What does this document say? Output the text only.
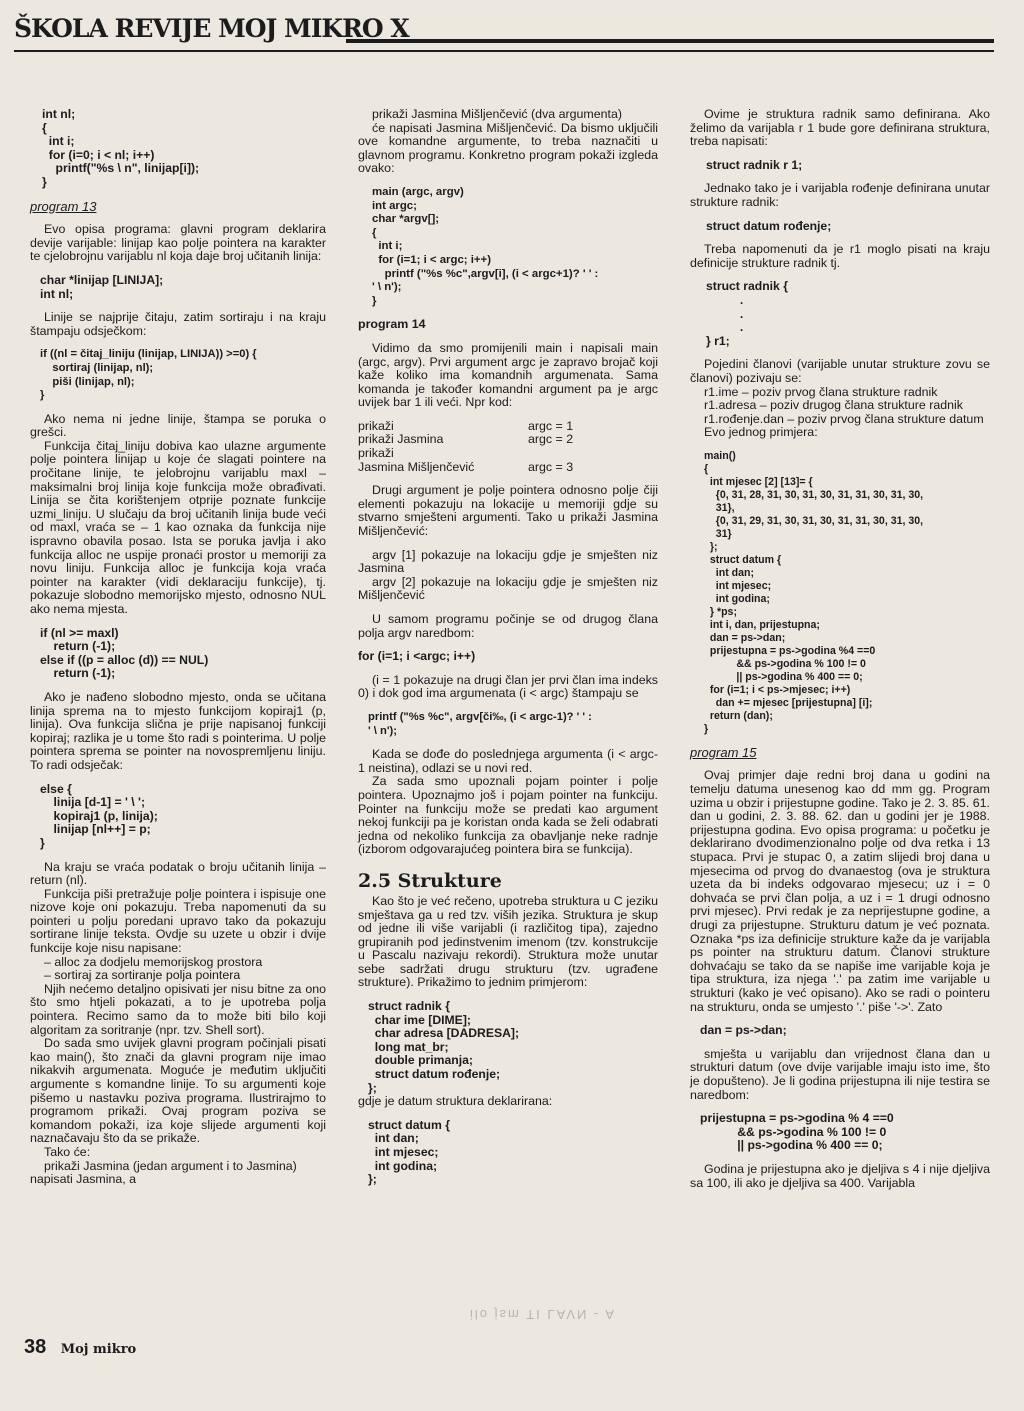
ŠKOLA REVIJE MOJ MIKRO X
int nl;
{
int i;
for (i=0; i < nl; i++)
printf("%s \ n", linijap[i]);
}

program 13

Evo opisa programa: glavni program deklarira devije varijable: linijap kao polje pointera na karakter te cjelobrojnu varijablu nl koja daje broj učitanih linija:

char *linijap [LINIJA];
int nl;

Linije se najprije čitaju, zatim sortiraju i na kraju štampaju odsječkom:

if ((nl = čitaj_liniju (linijap, LINIJA)) >=0) {
sortiraj (linijap, nl);
piši (linijap, nl);
}

Ako nema ni jedne linije, štampa se poruka o grešci.

Funkcija čitaj_liniju dobiva kao ulazne argumente polje pointera linijap u koje će slagati pointere na pročitane linije, te jelobrojnu varijablu maxl – maksimalni broj linija koje funkcija može obrađivati. Linija se čita korištenjem otprije poznate funkcije uzmi_liniju. U slučaju da broj učitanih linija bude veći od maxl, vraća se – 1 kao oznaka da funkcija nije ispravno obavila posao. Ista se poruka javlja i ako funkcija alloc ne uspije pronaći prostor u memoriji za novu liniju. Funkcija alloc je funkcija koja vraća pointer na karakter (vidi deklaraciju funkcije), tj. pokazuje slobodno memorijsko mjesto, odnosno NUL ako nema mjesta.

if (nl >= maxl)
return (-1);
else if ((p = alloc (d)) == NUL)
return (-1);

Ako je nađeno slobodno mjesto, onda se učitana linija sprema na to mjesto funkcijom kopiraj1 (p, linija). Ova funkcija slična je prije napisanoj funkciji kopiraj; razlika je u tome što radi s pointerima. U polje pointera sprema se pointer na novospremljenu liniju. To radi odsječak:

else {
linija [d-1] = ' \ ';
kopiraj1 (p, linija);
linijap [nl++] = p;
}

Na kraju se vraća podatak o broju učitanih linija – return (nl).

Funkcija piši pretražuje polje pointera i ispisuje one nizove koje oni pokazuju. Treba napomenuti da su pointeri u polju poredani upravo tako da pokazuju sortirane linije teksta. Ovdje su uzete u obzir i dvije funkcije koje nisu napisane:

– alloc za dodjelu memorijskog prostora

– sortiraj za sortiranje polja pointera

Njih nećemo detaljno opisivati jer nisu bitne za ono što smo htjeli pokazati, a to je upotreba polja pointera. Recimo samo da to može biti bilo koji algoritam za soritranje (npr. tzv. Shell sort).

Do sada smo uvijek glavni program počinjali pisati kao main(), što znači da glavni program nije imao nikakvih argumenata. Moguće je međutim uključiti argumente s komandne linije. To su argumenti koje pišemo u nastavku poziva programa. Ilustrirajmo to programom prikaži. Ovaj program poziva se komandom pokaži, iza koje slijede argumenti koji naznačavaju što da se prikaže.

Tako će:

prikaži Jasmina (jedan argument i to Jasmina)

napisati Jasmina, a

prikaži Jasmina Mišljenčević (dva argumenta)

će napisati Jasmina Mišljenčević. Da bismo uključili ove komandne argumente, to treba naznačiti u glavnom programu. Konkretno program pokaži izgleda ovako:

main (argc, argv)
int argc;
char *argv[];
{
int i;
for (i=1; i < argc; i++)
printf ("%s %c",argv[i], (i < argc+1)? ' ' :
' \ n');
}

program 14

Vidimo da smo promijenili main i napisali main (argc, argv). Prvi argument argc je zapravo brojač koji kaže koliko ima komandnih argumenata. Sama komanda je također komandni argument pa je argc uvijek bar 1 ili veći. Npr kod:

prikaži	argc = 1
prikaži Jasmina	argc = 2
prikaži
Jasmina Mišljenčević	argc = 3

Drugi argument je polje pointera odnosno polje čiji elementi pokazuju na lokacije u memoriji gdje su stvarno smješteni argumenti. Tako u prikaži Jasmina Mišljenčević:

argv [1] pokazuje na lokaciju gdje je smješten niz Jasmina

argv [2] pokazuje na lokaciju gdje je smješten niz Mišljenčević

U samom programu počinje se od drugog člana polja argv naredbom:

for (i=1; i <argc; i++)

(i = 1 pokazuje na drugi član jer prvi član ima indeks 0) i dok god ima argumenata (i < argc) štampaju se

printf ("%s %c", argv[či‰, (i < argc-1)? ' ' :
' \ n');

Kada se dođe do poslednjega argumenta (i < argc-1 neistina), odlazi se u novi red.

Za sada smo upoznali pojam pointer i polje pointera. Upoznajmo još i pojam pointer na funkciju. Pointer na funkciju može se predati kao argument nekoj funkciji pa je koristan onda kada se želi odabrati jedna od nekoliko funkcija za obavljanje neke radnje (izborom odgovarajućeg pointera bira se funkcija).

2.5 Strukture

Kao što je već rečeno, upotreba struktura u C jeziku smještava ga u red tzv. viših jezika. Struktura je skup od jedne ili više varijabli (i različitog tipa), zajedno grupiranih pod jedinstvenim imenom (tzv. konstrukcije u Pascalu nazivaju rekordi). Struktura može unutar sebe sadržati drugu strukturu (tzv. ugrađene strukture). Prikažimo to jednim primjerom:

struct radnik {
char ime [DIME];
char adresa [DADRESA];
long mat_br;
double primanja;
struct datum rođenje;
};

gdje je datum struktura deklarirana:

struct datum {
int dan;
int mjesec;
int godina;
};

Ovime je struktura radnik samo definirana. Ako želimo da varijabla r 1 bude gore definirana struktura, treba napisati:

struct radnik r 1;

Jednako tako je i varijabla rođenje definirana unutar strukture radnik:

struct datum rođenje;

Treba napomenuti da je r1 moglo pisati na kraju definicije strukture radnik tj.

struct radnik {
.
.
.
} r1;

Pojedini članovi (varijable unutar strukture zovu se članovi) pozivaju se:

r1.ime – poziv prvog člana strukture radnik

r1.adresa – poziv drugog člana strukture radnik

r1.rođenje.dan – poziv prvog člana strukture datum

Evo jednog primjera:

main()
{
int mjesec [2] [13]= {
{0, 31, 28, 31, 30, 31, 30, 31, 31, 30, 31, 30,
31},
{0, 31, 29, 31, 30, 31, 30, 31, 31, 30, 31, 30,
31}
};
struct datum {
int dan;
int mjesec;
int godina;
} *ps;
int i, dan, prijestupna;
dan = ps->dan;
prijestupna = ps->godina %4 ==0
&& ps->godina % 100 != 0
|| ps->godina % 400 == 0;
for (i=1; i < ps->mjesec; i++)
dan += mjesec [prijestupna] [i];
return (dan);
}

program 15

Ovaj primjer daje redni broj dana u godini na temelju datuma unesenog kao dd mm gg. Program uzima u obzir i prijestupne godine. Tako je 2. 3. 85. 61. dan u godini, 2. 3. 88. 62. dan u godini jer je 1988. prijestupna godina. Evo opisa programa: u početku je deklarirano dvodimenzionalno polje od dva retka i 13 stupaca. Prvi je stupac 0, a zatim slijedi broj dana u mjesecima od prvog do dvanaestog (ova je struktura uzeta da bi indeks odgovarao mjesecu; uz i = 0 dohvaća se prvi član polja, a uz i = 1 drugi odnosno prvi mjesec). Prvi redak je za neprijestupne godine, a drugi za prijestupne. Strukturu datum je već poznata. Oznaka *ps iza definicije strukture kaže da je varijabla ps pointer na strukturu datum. Članovi strukture dohvaćaju se tako da se napiše ime varijable koja je tipa struktura, iza njega '.' pa zatim ime varijable u strukturi (kako je već opisano). Ako se radi o pointeru na strukturu, onda se umjesto '.' piše '->'. Zato

dan = ps->dan;

smješta u varijablu dan vrijednost člana dan u strukturi datum (ove dvije varijable imaju isto ime, što je dopušteno). Je li godina prijestupna ili nije testira se naredbom:

prijestupna = ps->godina % 4 ==0
&& ps->godina % 100 != 0
|| ps->godina % 400 == 0;

Godina je prijestupna ako je djeljiva s 4 i nije djeljiva sa 100, ili ako je djeljiva sa 400. Varijabla

ilo jsm TI LAVN - A
38 Moj mikro
